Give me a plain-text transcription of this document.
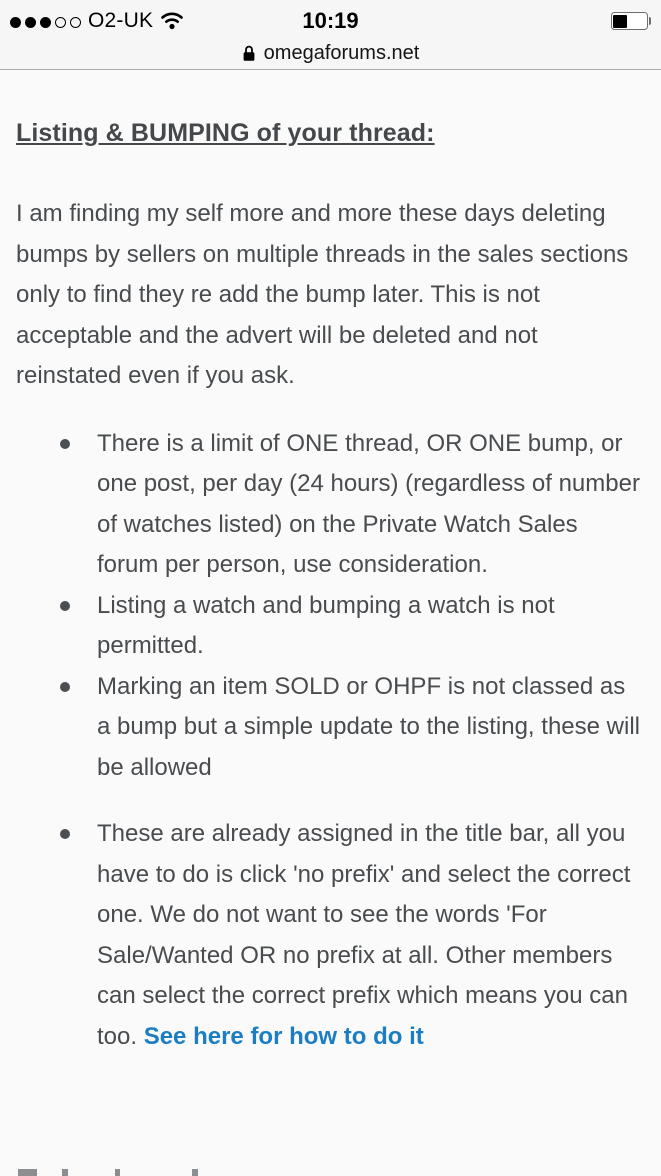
O2-UK	10:19
omegaforums.net
Listing & BUMPING of your thread:

I am finding my self more and more these days deleting bumps by sellers on multiple threads in the sales sections only to find they re add the bump later. This is not acceptable and the advert will be deleted and not reinstated even if you ask.

There is a limit of ONE thread, OR ONE bump, or one post, per day (24 hours) (regardless of number of watches listed) on the Private Watch Sales forum per person, use consideration.
Listing a watch and bumping a watch is not permitted.
Marking an item SOLD or OHPF is not classed as a bump but a simple update to the listing, these will be allowed
These are already assigned in the title bar, all you have to do is click 'no prefix' and select the correct one. We do not want to see the words 'For Sale/Wanted OR no prefix at all. Other members can select the correct prefix which means you can too. See here for how to do it
